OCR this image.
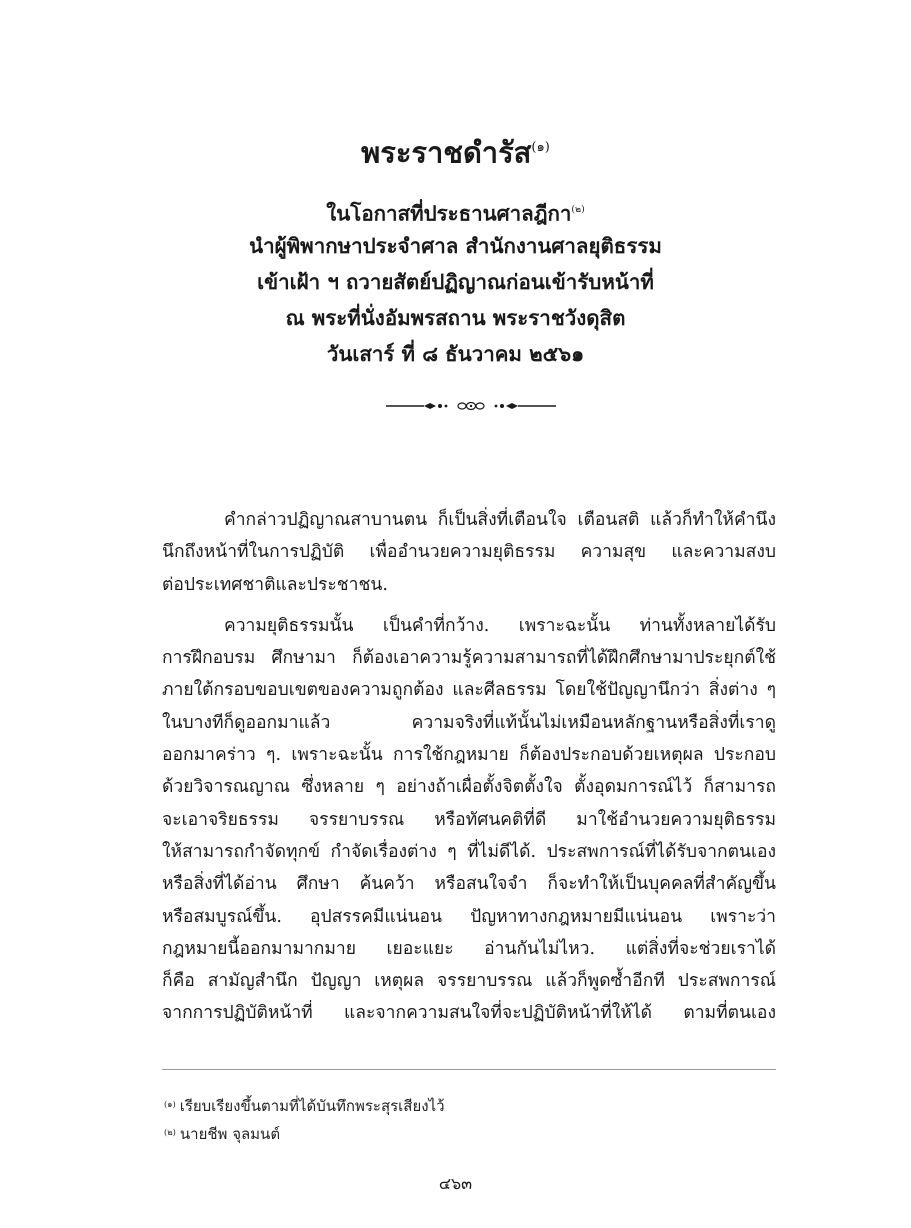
พระราชดำรัส$^{(๑)}$
ในโอกาสที่ประธานศาลฎีกา$^{(๒)}$
นำผู้พิพากษาประจำศาล สำนักงานศาลยุติธรรม
เข้าเฝ้า ฯ ถวายสัตย์ปฏิญาณก่อนเข้ารับหน้าที่
ณ พระที่นั่งอัมพรสถาน พระราชวังดุสิต
วันเสาร์ ที่ ๘ ธันวาคม ๒๕๖๑
คำกล่าวปฏิญาณสาบานตน ก็เป็นสิ่งที่เตือนใจ เตือนสติ แล้วก็ทำให้คำนึง
นึกถึงหน้าที่ในการปฏิบัติ เพื่ออำนวยความยุติธรรม ความสุข และความสงบ
ต่อประเทศชาติและประชาชน.
ความยุติธรรมนั้น เป็นคำที่กว้าง. เพราะฉะนั้น ท่านทั้งหลายได้รับ
การฝึกอบรม ศึกษามา ก็ต้องเอาความรู้ความสามารถที่ได้ฝึกศึกษามาประยุกต์ใช้
ภายใต้กรอบขอบเขตของความถูกต้อง และศีลธรรม โดยใช้ปัญญานึกว่า สิ่งต่าง ๆ
ในบางทีก็ดูออกมาแล้ว ความจริงที่แท้นั้นไม่เหมือนหลักฐานหรือสิ่งที่เราดู
ออกมาคร่าว ๆ. เพราะฉะนั้น การใช้กฎหมาย ก็ต้องประกอบด้วยเหตุผล ประกอบ
ด้วยวิจารณญาณ ซึ่งหลาย ๆ อย่างถ้าเผื่อตั้งจิตตั้งใจ ตั้งอุดมการณ์ไว้ ก็สามารถ
จะเอาจริยธรรม จรรยาบรรณ หรือทัศนคติที่ดี มาใช้อำนวยความยุติธรรม
ให้สามารถกำจัดทุกข์ กำจัดเรื่องต่าง ๆ ที่ไม่ดีได้. ประสพการณ์ที่ได้รับจากตนเอง
หรือสิ่งที่ได้อ่าน ศึกษา ค้นคว้า หรือสนใจจำ ก็จะทำให้เป็นบุคคลที่สำคัญขึ้น
หรือสมบูรณ์ขึ้น. อุปสรรคมีแน่นอน ปัญหาทางกฎหมายมีแน่นอน เพราะว่า
กฎหมายนี้ออกมามากมาย เยอะแยะ อ่านกันไม่ไหว. แต่สิ่งที่จะช่วยเราได้
ก็คือ สามัญสำนึก ปัญญา เหตุผล จรรยาบรรณ แล้วก็พูดซ้ำอีกที ประสพการณ์
จากการปฏิบัติหน้าที่ และจากความสนใจที่จะปฏิบัติหน้าที่ให้ได้ ตามที่ตนเอง
$^{(๑)}$ เรียบเรียงขึ้นตามที่ได้บันทึกพระสุรเสียงไว้
$^{(๒)}$ นายชีพ จุลมนต์
๔๖๓
